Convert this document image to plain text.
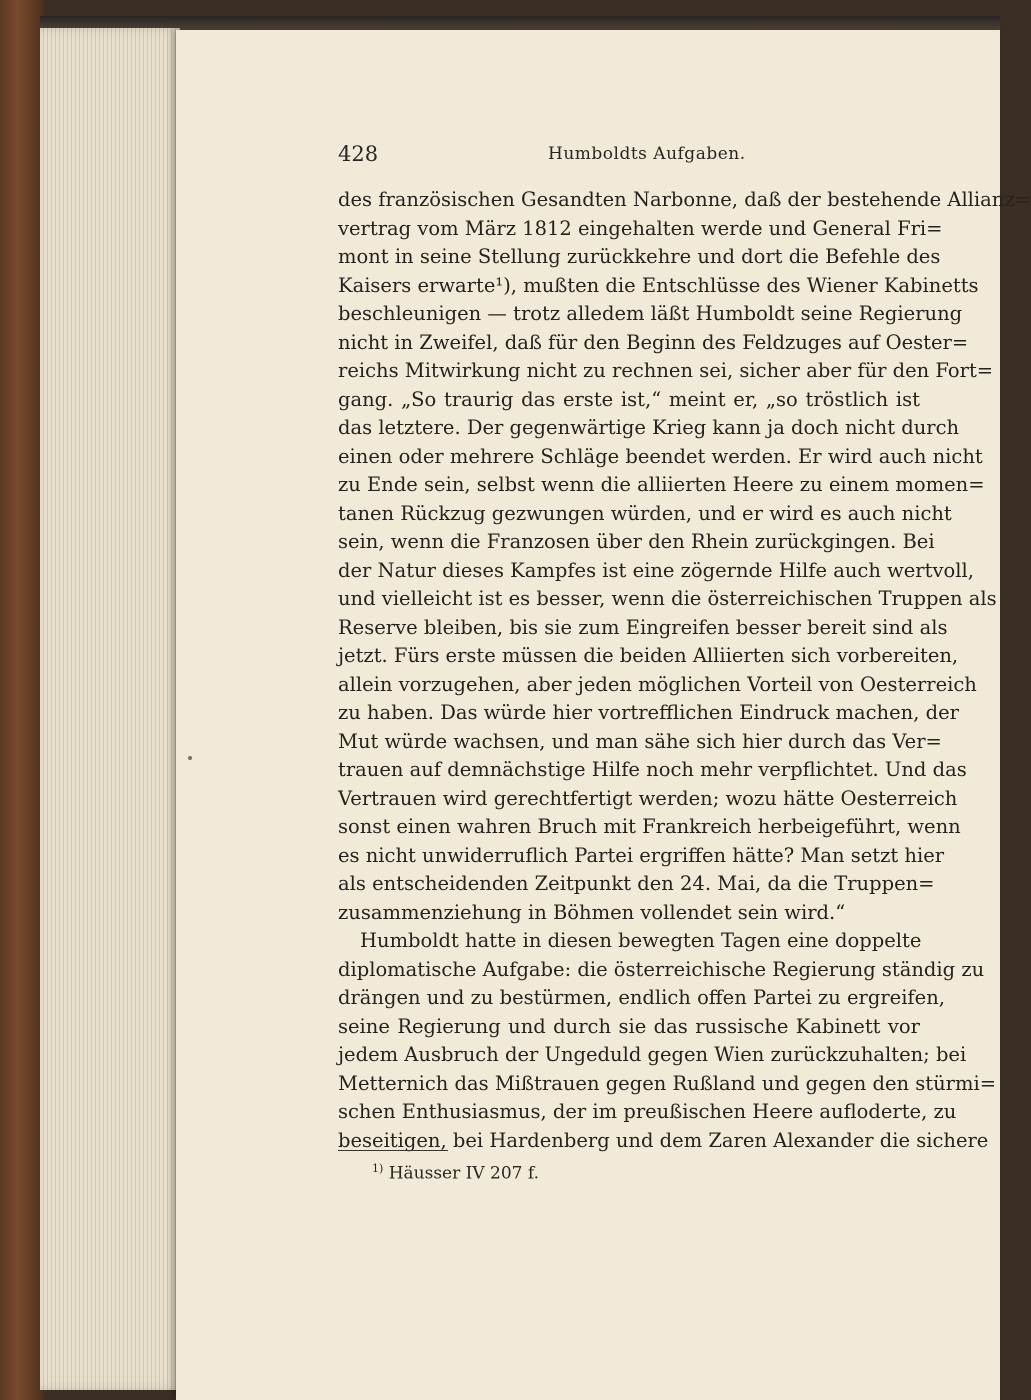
428	Humboldts Aufgaben.
des französischen Gesandten Narbonne, daß der bestehende Allianz=
vertrag vom März 1812 eingehalten werde und General Fri=
mont in seine Stellung zurückkehre und dort die Befehle des
Kaisers erwarte¹), mußten die Entschlüsse des Wiener Kabinetts
beschleunigen — trotz alledem läßt Humboldt seine Regierung
nicht in Zweifel, daß für den Beginn des Feldzuges auf Oester=
reichs Mitwirkung nicht zu rechnen sei, sicher aber für den Fort=
gang. „So traurig das erste ist,“ meint er, „so tröstlich ist
das letztere. Der gegenwärtige Krieg kann ja doch nicht durch
einen oder mehrere Schläge beendet werden. Er wird auch nicht
zu Ende sein, selbst wenn die alliierten Heere zu einem momen=
tanen Rückzug gezwungen würden, und er wird es auch nicht
sein, wenn die Franzosen über den Rhein zurückgingen. Bei
der Natur dieses Kampfes ist eine zögernde Hilfe auch wertvoll,
und vielleicht ist es besser, wenn die österreichischen Truppen als
Reserve bleiben, bis sie zum Eingreifen besser bereit sind als
jetzt. Fürs erste müssen die beiden Alliierten sich vorbereiten,
allein vorzugehen, aber jeden möglichen Vorteil von Oesterreich
zu haben. Das würde hier vortrefflichen Eindruck machen, der
Mut würde wachsen, und man sähe sich hier durch das Ver=
trauen auf demnächstige Hilfe noch mehr verpflichtet. Und das
Vertrauen wird gerechtfertigt werden; wozu hätte Oesterreich
sonst einen wahren Bruch mit Frankreich herbeigeführt, wenn
es nicht unwiderruflich Partei ergriffen hätte? Man setzt hier
als entscheidenden Zeitpunkt den 24. Mai, da die Truppen=
zusammenziehung in Böhmen vollendet sein wird.“
Humboldt hatte in diesen bewegten Tagen eine doppelte
diplomatische Aufgabe: die österreichische Regierung ständig zu
drängen und zu bestürmen, endlich offen Partei zu ergreifen,
seine Regierung und durch sie das russische Kabinett vor
jedem Ausbruch der Ungeduld gegen Wien zurückzuhalten; bei
Metternich das Mißtrauen gegen Rußland und gegen den stürmi=
schen Enthusiasmus, der im preußischen Heere aufloderte, zu
beseitigen, bei Hardenberg und dem Zaren Alexander die sichere
$^{1)}$ Häusser IV 207 f.
